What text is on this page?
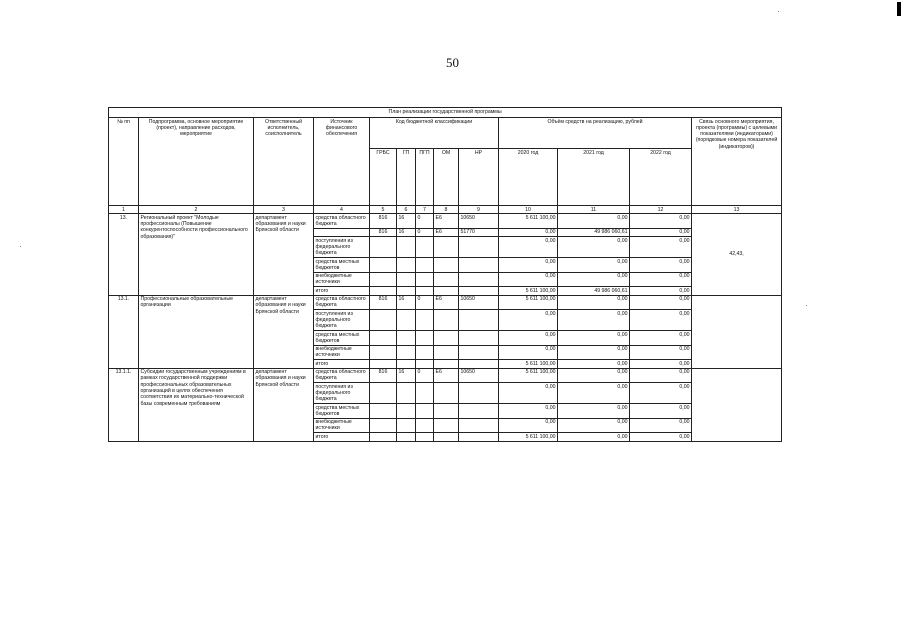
50
План реализации государственной программы												
№ пп	Подпрограмма, основное мероприятие (проект), направление расходов, мероприятие	Ответственный исполнитель, соисполнитель	Источник финансового обеспечения	Код бюджетной классификации					Объём средств на реализацию, рублей			Связь основного мероприятия, проекта (программы) с целевыми показателями (индикаторами) (порядковые номера показателей (индикаторов))
				ГРБС	ГП	ПГП	ОМ	НР	2020 год	2021 год	2022 год	
1	2	3	4	5	6	7	8	9	10	11	12	13
13.	Региональный проект "Молодые профессионалы (Повышение конкурентоспособности профессионального образования)"	департамент образования и науки Брянской области	средства областного бюджета	816	16	0	E6	10650	5 611 100,00	0,00	0,00	42,43,
				816	16	0	E6	51770	0,00	49 986 060,61	0,00	
			поступления из федерального бюджета						0,00	0,00	0,00	
			средства местных бюджетов						0,00	0,00	0,00	
			внебюджетные источники						0,00	0,00	0,00	
			итого						5 611 100,00	49 986 060,61	0,00	
13.1.	Профессиональные образовательные организации	департамент образования и науки Брянской области	средства областного бюджета	816	16	0	E6	10650	5 611 100,00	0,00	0,00	
			поступления из федерального бюджета						0,00	0,00	0,00	
			средства местных бюджетов						0,00	0,00	0,00	
			внебюджетные источники						0,00	0,00	0,00	
			итого						5 611 100,00	0,00	0,00	
13.1.1.	Субсидии государственным учреждениям в рамках государственной поддержки профессиональных образовательных организаций в целях обеспечения соответствия их материально-технической базы современным требованиям	департамент образования и науки Брянской области	средства областного бюджета	816	16	0	E6	10650	5 611 100,00	0,00	0,00	
			поступления из федерального бюджета						0,00	0,00	0,00	
			средства местных бюджетов						0,00	0,00	0,00	
			внебюджетные источники						0,00	0,00	0,00	
			итого						5 611 100,00	0,00	0,00	
